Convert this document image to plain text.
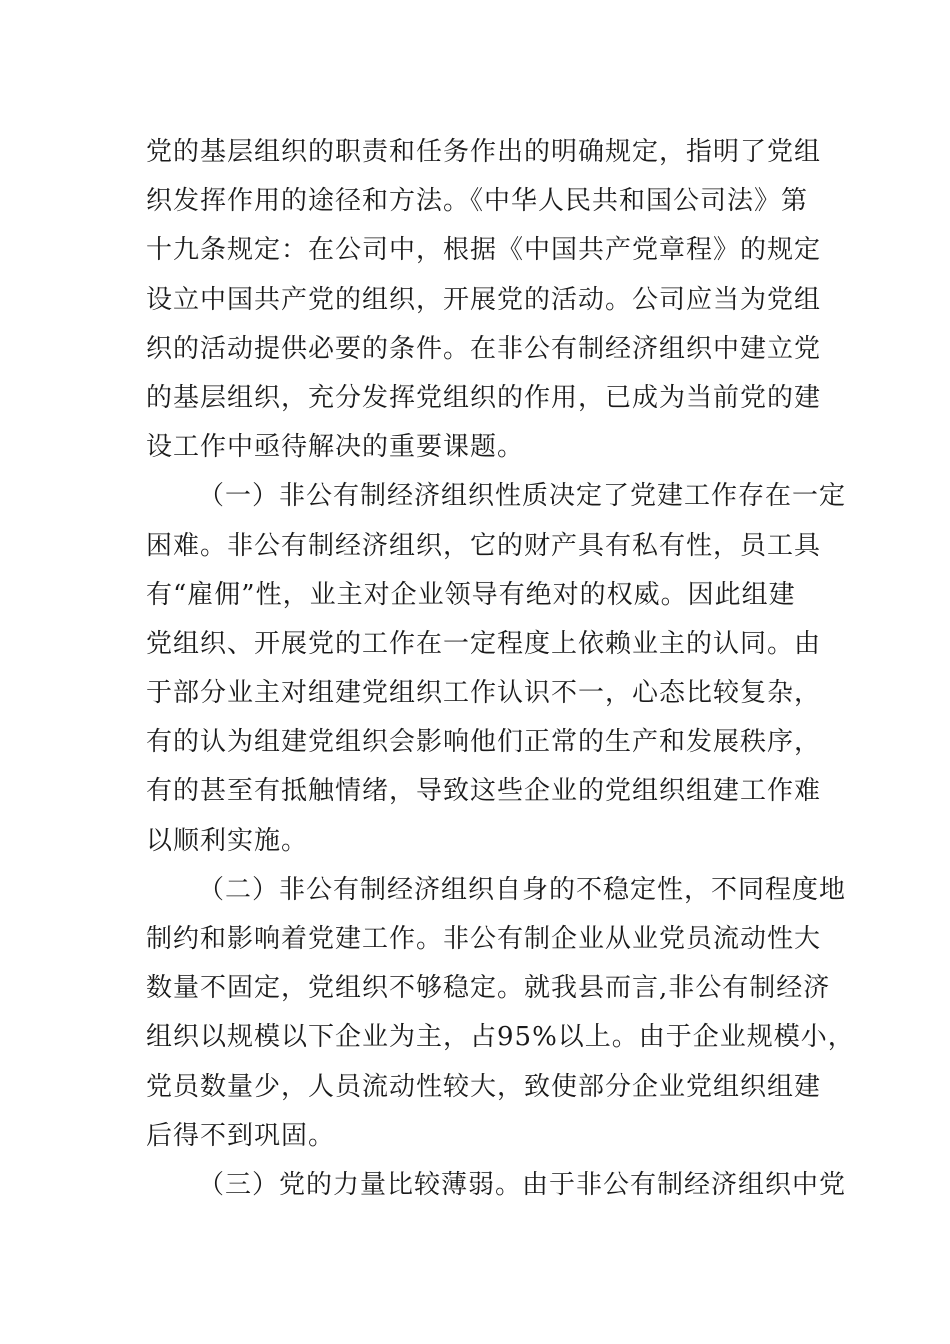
党的基层组织的职责和任务作出的明确规定，指明了党组
织发挥作用的途径和方法。《中华人民共和国公司法》第
十九条规定：在公司中，根据《中国共产党章程》的规定
设立中国共产党的组织，开展党的活动。公司应当为党组
织的活动提供必要的条件。在非公有制经济组织中建立党
的基层组织，充分发挥党组织的作用，已成为当前党的建
设工作中亟待解决的重要课题。
（一）非公有制经济组织性质决定了党建工作存在一定
困难。非公有制经济组织，它的财产具有私有性，员工具
有“雇佣”性，业主对企业领导有绝对的权威。因此组建
党组织、开展党的工作在一定程度上依赖业主的认同。由
于部分业主对组建党组织工作认识不一，心态比较复杂，
有的认为组建党组织会影响他们正常的生产和发展秩序，
有的甚至有抵触情绪，导致这些企业的党组织组建工作难
以顺利实施。
（二）非公有制经济组织自身的不稳定性，不同程度地
制约和影响着党建工作。非公有制企业从业党员流动性大
数量不固定，党组织不够稳定。就我县而言,非公有制经济
组织以规模以下企业为主，占95%以上。由于企业规模小，
党员数量少，人员流动性较大，致使部分企业党组织组建
后得不到巩固。
（三）党的力量比较薄弱。由于非公有制经济组织中党
